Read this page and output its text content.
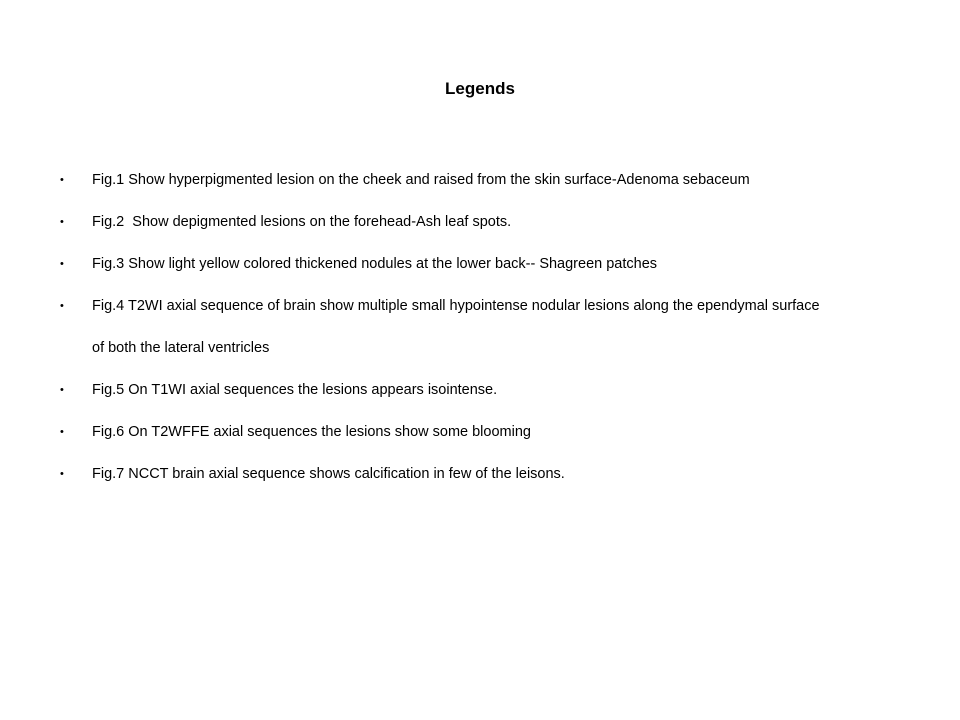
Legends
•	Fig.1 Show hyperpigmented lesion on the cheek and raised from the skin surface-Adenoma sebaceum
•	Fig.2  Show depigmented lesions on the forehead-Ash leaf spots.
•	Fig.3 Show light yellow colored thickened nodules at the lower back-- Shagreen patches
•	Fig.4 T2WI axial sequence of brain show multiple small hypointense nodular lesions along the ependymal surface
of both the lateral ventricles
•	Fig.5 On T1WI axial sequences the lesions appears isointense.
•	Fig.6 On T2WFFE axial sequences the lesions show some blooming
•	Fig.7 NCCT brain axial sequence shows calcification in few of the leisons.
